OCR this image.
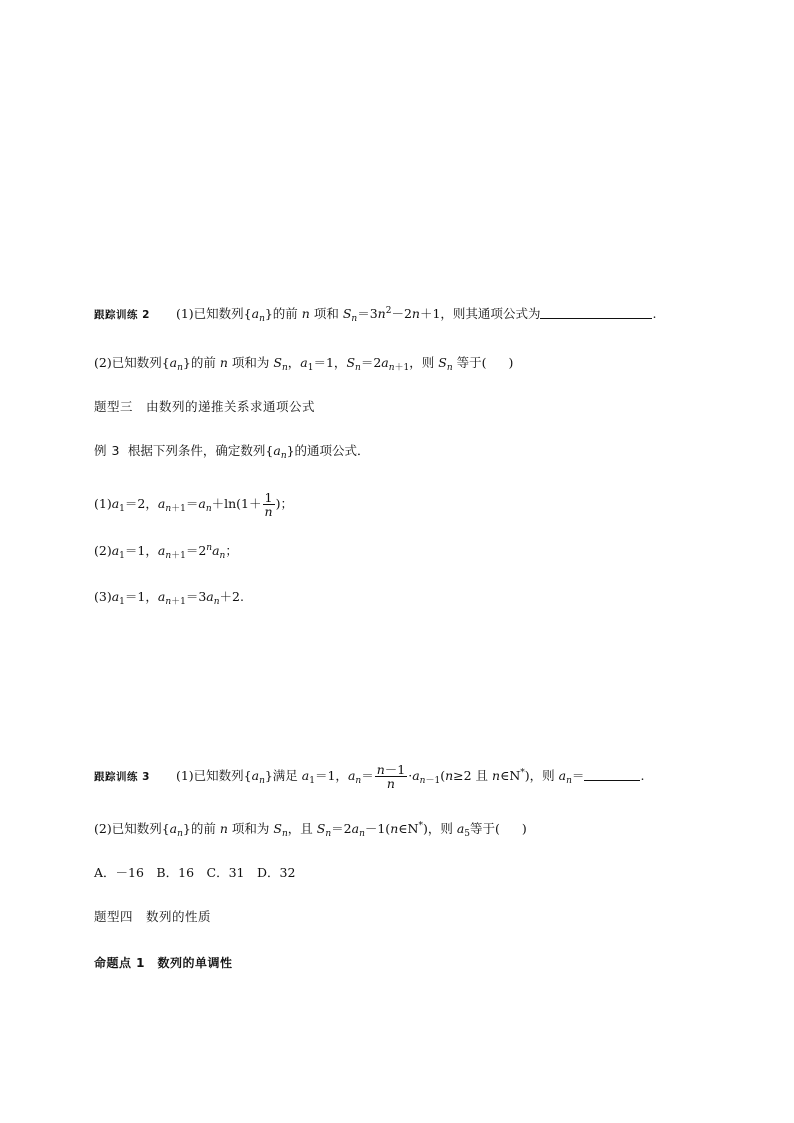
跟踪训练 2 (1)已知数列$\{a_n\}$的前 n 项和 $S_n=3n^2-2n+1$，则其通项公式为	.
(2)已知数列$\{a_n\}$的前 n 项和为 $S_n$，$a_1=1$，$S_n=2a_{n+1}$，则 $S_n$ 等于( )
题型三　由数列的递推关系求通项公式
例 3 根据下列条件，确定数列$\{a_n\}$的通项公式．
$(1)a_1=2$，$a_{n+1}=a_n+\ln(1+ \frac{1}{n}$ )；
$(2)a_1=1$，$a_{n+1}=2^na_n$；
$(3)a_1=1$，$a_{n+1}=3a_n+2$.
跟踪训练 3 (1)已知数列$\{a_n\}$满足 $a_1=1$，$a_n= \frac{n-1}{n} \cdot a_{n-1}(n\ge 2$ 且 n∈N*)，则 $a_n=$	.
(2)已知数列$\{a_n\}$的前 n 项和为 $S_n$，且 $S_n=2a_n-1(n\in N^*)$，则 $a_5$等于( )
A．－16　B．16　C．31　D．32
题型四　数列的性质
命题点 1　数列的单调性
